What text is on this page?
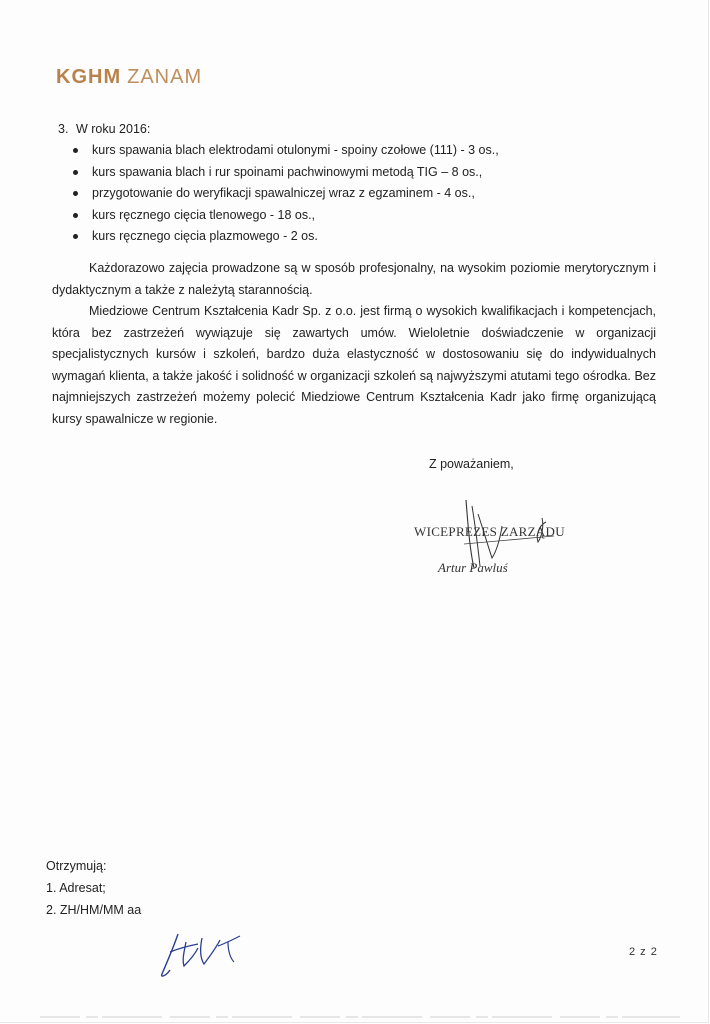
KGHM ZANAM
3. W roku 2016:
kurs spawania blach elektrodami otulonymi - spoiny czołowe (111) - 3 os.,
kurs spawania blach i rur spoinami pachwinowymi metodą TIG – 8 os.,
przygotowanie do weryfikacji spawalniczej wraz z egzaminem - 4 os.,
kurs ręcznego cięcia tlenowego - 18 os.,
kurs ręcznego cięcia plazmowego - 2 os.

Każdorazowo zajęcia prowadzone są w sposób profesjonalny, na wysokim poziomie merytorycznym i dydaktycznym a także z należytą starannością.

Miedziowe Centrum Kształcenia Kadr Sp. z o.o. jest firmą o wysokich kwalifikacjach i kompetencjach, która bez zastrzeżeń wywiązuje się zawartych umów. Wieloletnie doświadczenie w organizacji specjalistycznych kursów i szkoleń, bardzo duża elastyczność w dostosowaniu się do indywidualnych wymagań klienta, a także jakość i solidność w organizacji szkoleń są najwyższymi atutami tego ośrodka. Bez najmniejszych zastrzeżeń możemy polecić Miedziowe Centrum Kształcenia Kadr jako firmę organizującą kursy spawalnicze w regionie.

Z poważaniem,
WICEPREZES ZARZĄDU
Artur Pawluś
Otrzymują:
1. Adresat;
2. ZH/HM/MM aa
2 z 2
